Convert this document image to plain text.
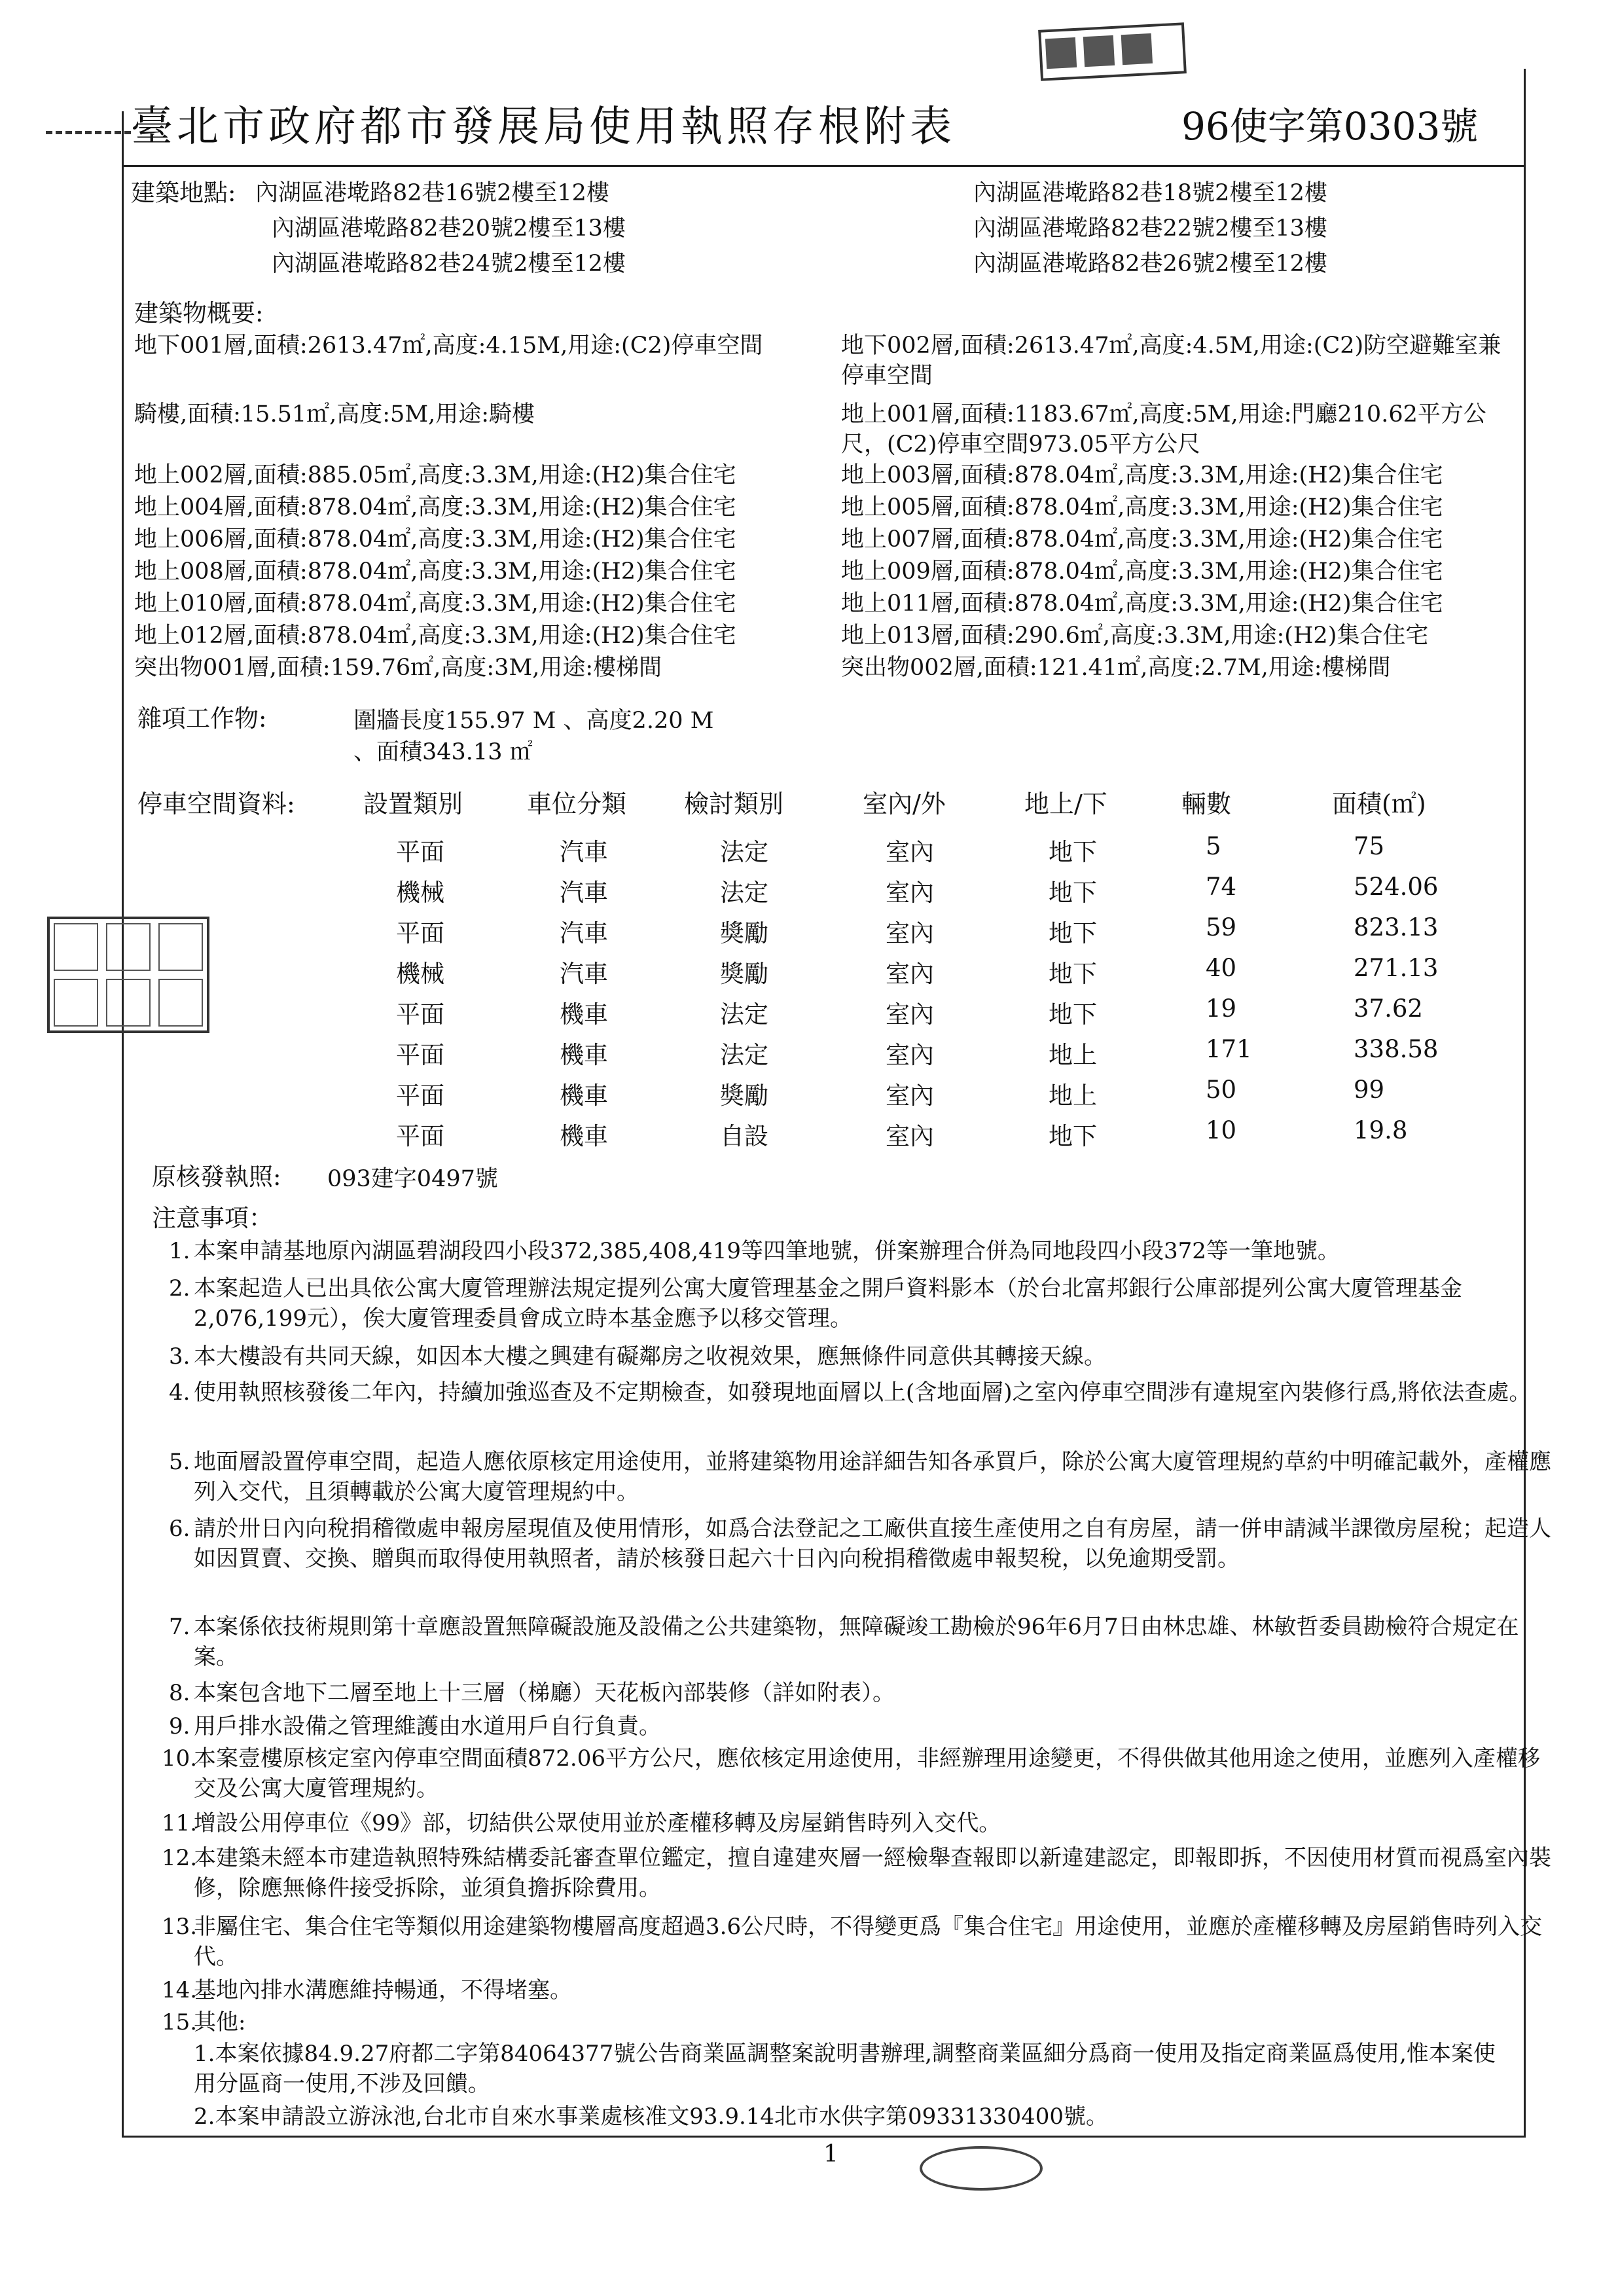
臺北市政府都市發展局使用執照存根附表	96使字第0303號
建築地點: 內湖區港墘路82巷16號2樓至12樓	內湖區港墘路82巷18號2樓至12樓
內湖區港墘路82巷20號2樓至13樓	內湖區港墘路82巷22號2樓至13樓
內湖區港墘路82巷24號2樓至12樓	內湖區港墘路82巷26號2樓至12樓
建築物概要:
地下001層,面積:2613.47㎡,高度:4.15M,用途:(C2)停車空間	地下002層,面積:2613.47㎡,高度:4.5M,用途:(C2)防空避難室兼停車空間
騎樓,面積:15.51㎡,高度:5M,用途:騎樓	地上001層,面積:1183.67㎡,高度:5M,用途:門廳210.62平方公尺，(C2)停車空間973.05平方公尺
地上002層,面積:885.05㎡,高度:3.3M,用途:(H2)集合住宅	地上003層,面積:878.04㎡,高度:3.3M,用途:(H2)集合住宅
地上004層,面積:878.04㎡,高度:3.3M,用途:(H2)集合住宅	地上005層,面積:878.04㎡,高度:3.3M,用途:(H2)集合住宅
地上006層,面積:878.04㎡,高度:3.3M,用途:(H2)集合住宅	地上007層,面積:878.04㎡,高度:3.3M,用途:(H2)集合住宅
地上008層,面積:878.04㎡,高度:3.3M,用途:(H2)集合住宅	地上009層,面積:878.04㎡,高度:3.3M,用途:(H2)集合住宅
地上010層,面積:878.04㎡,高度:3.3M,用途:(H2)集合住宅	地上011層,面積:878.04㎡,高度:3.3M,用途:(H2)集合住宅
地上012層,面積:878.04㎡,高度:3.3M,用途:(H2)集合住宅	地上013層,面積:290.6㎡,高度:3.3M,用途:(H2)集合住宅
突出物001層,面積:159.76㎡,高度:3M,用途:樓梯間	突出物002層,面積:121.41㎡,高度:2.7M,用途:樓梯間
雜項工作物:	圍牆長度155.97 M 、高度2.20 M
、面積343.13 ㎡
停車空間資料:	設置類別	車位分類 檢討類別	室內/外	地上/下	輛數	面積(㎡)
平面	汽車	法定	室內	地下	5	75
機械	汽車	法定	室內	地下	74	524.06
平面	汽車	獎勵	室內	地下	59	823.13
機械	汽車	獎勵	室內	地下	40	271.13
平面	機車	法定	室內	地下	19	37.62
平面	機車	法定	室內	地上	171	338.58
平面	機車	獎勵	室內	地上	50	99
平面	機車	自設	室內	地下	10	19.8
原核發執照: 093建字0497號
注意事項：
1. 本案申請基地原內湖區碧湖段四小段372,385,408,419等四筆地號，併案辦理合併為同地段四小段372等一筆地號。
2. 本案起造人已出具依公寓大廈管理辦法規定提列公寓大廈管理基金之開戶資料影本（於台北富邦銀行公庫部提列公寓大廈管理基金2,076,199元），俟大廈管理委員會成立時本基金應予以移交管理。
3. 本大樓設有共同天線，如因本大樓之興建有礙鄰房之收視效果，應無條件同意供其轉接天線。
4. 使用執照核發後二年內，持續加強巡查及不定期檢查，如發現地面層以上(含地面層)之室內停車空間涉有違規室內裝修行爲,將依法查處。
5. 地面層設置停車空間，起造人應依原核定用途使用，並將建築物用途詳細告知各承買戶，除於公寓大廈管理規約草約中明確記載外，產權應列入交代，且須轉載於公寓大廈管理規約中。
6. 請於卅日內向稅捐稽徵處申報房屋現值及使用情形，如爲合法登記之工廠供直接生產使用之自有房屋，請一併申請減半課徵房屋稅；起造人如因買賣、交換、贈與而取得使用執照者，請於核發日起六十日內向稅捐稽徵處申報契稅，以免逾期受罰。
7. 本案係依技術規則第十章應設置無障礙設施及設備之公共建築物，無障礙竣工勘檢於96年6月7日由林忠雄、林敏哲委員勘檢符合規定在案。
8. 本案包含地下二層至地上十三層（梯廳）天花板內部裝修（詳如附表）。
9. 用戶排水設備之管理維護由水道用戶自行負責。
10.
本案壹樓原核定室內停車空間面積872.06平方公尺，應依核定用途使用，非經辦理用途變更，不得供做其他用途之使用，並應列入產權移交及公寓大廈管理規約。
11.
增設公用停車位《99》部，切結供公眾使用並於產權移轉及房屋銷售時列入交代。
12.
本建築未經本市建造執照特殊結構委託審查單位鑑定，擅自違建夾層一經檢舉查報即以新違建認定，即報即拆，不因使用材質而視爲室內裝修，除應無條件接受拆除，並須負擔拆除費用。
13.
非屬住宅、集合住宅等類似用途建築物樓層高度超過3.6公尺時，不得變更爲『集合住宅』用途使用，並應於產權移轉及房屋銷售時列入交代。
14.
基地內排水溝應維持暢通，不得堵塞。
15.
其他:
1.本案依據84.9.27府都二字第84064377號公告商業區調整案說明書辦理,調整商業區細分爲商一使用及指定商業區爲使用,惟本案使用分區商一使用,不涉及回饋。
2.本案申請設立游泳池,台北市自來水事業處核准文93.9.14北市水供字第09331330400號。
1
